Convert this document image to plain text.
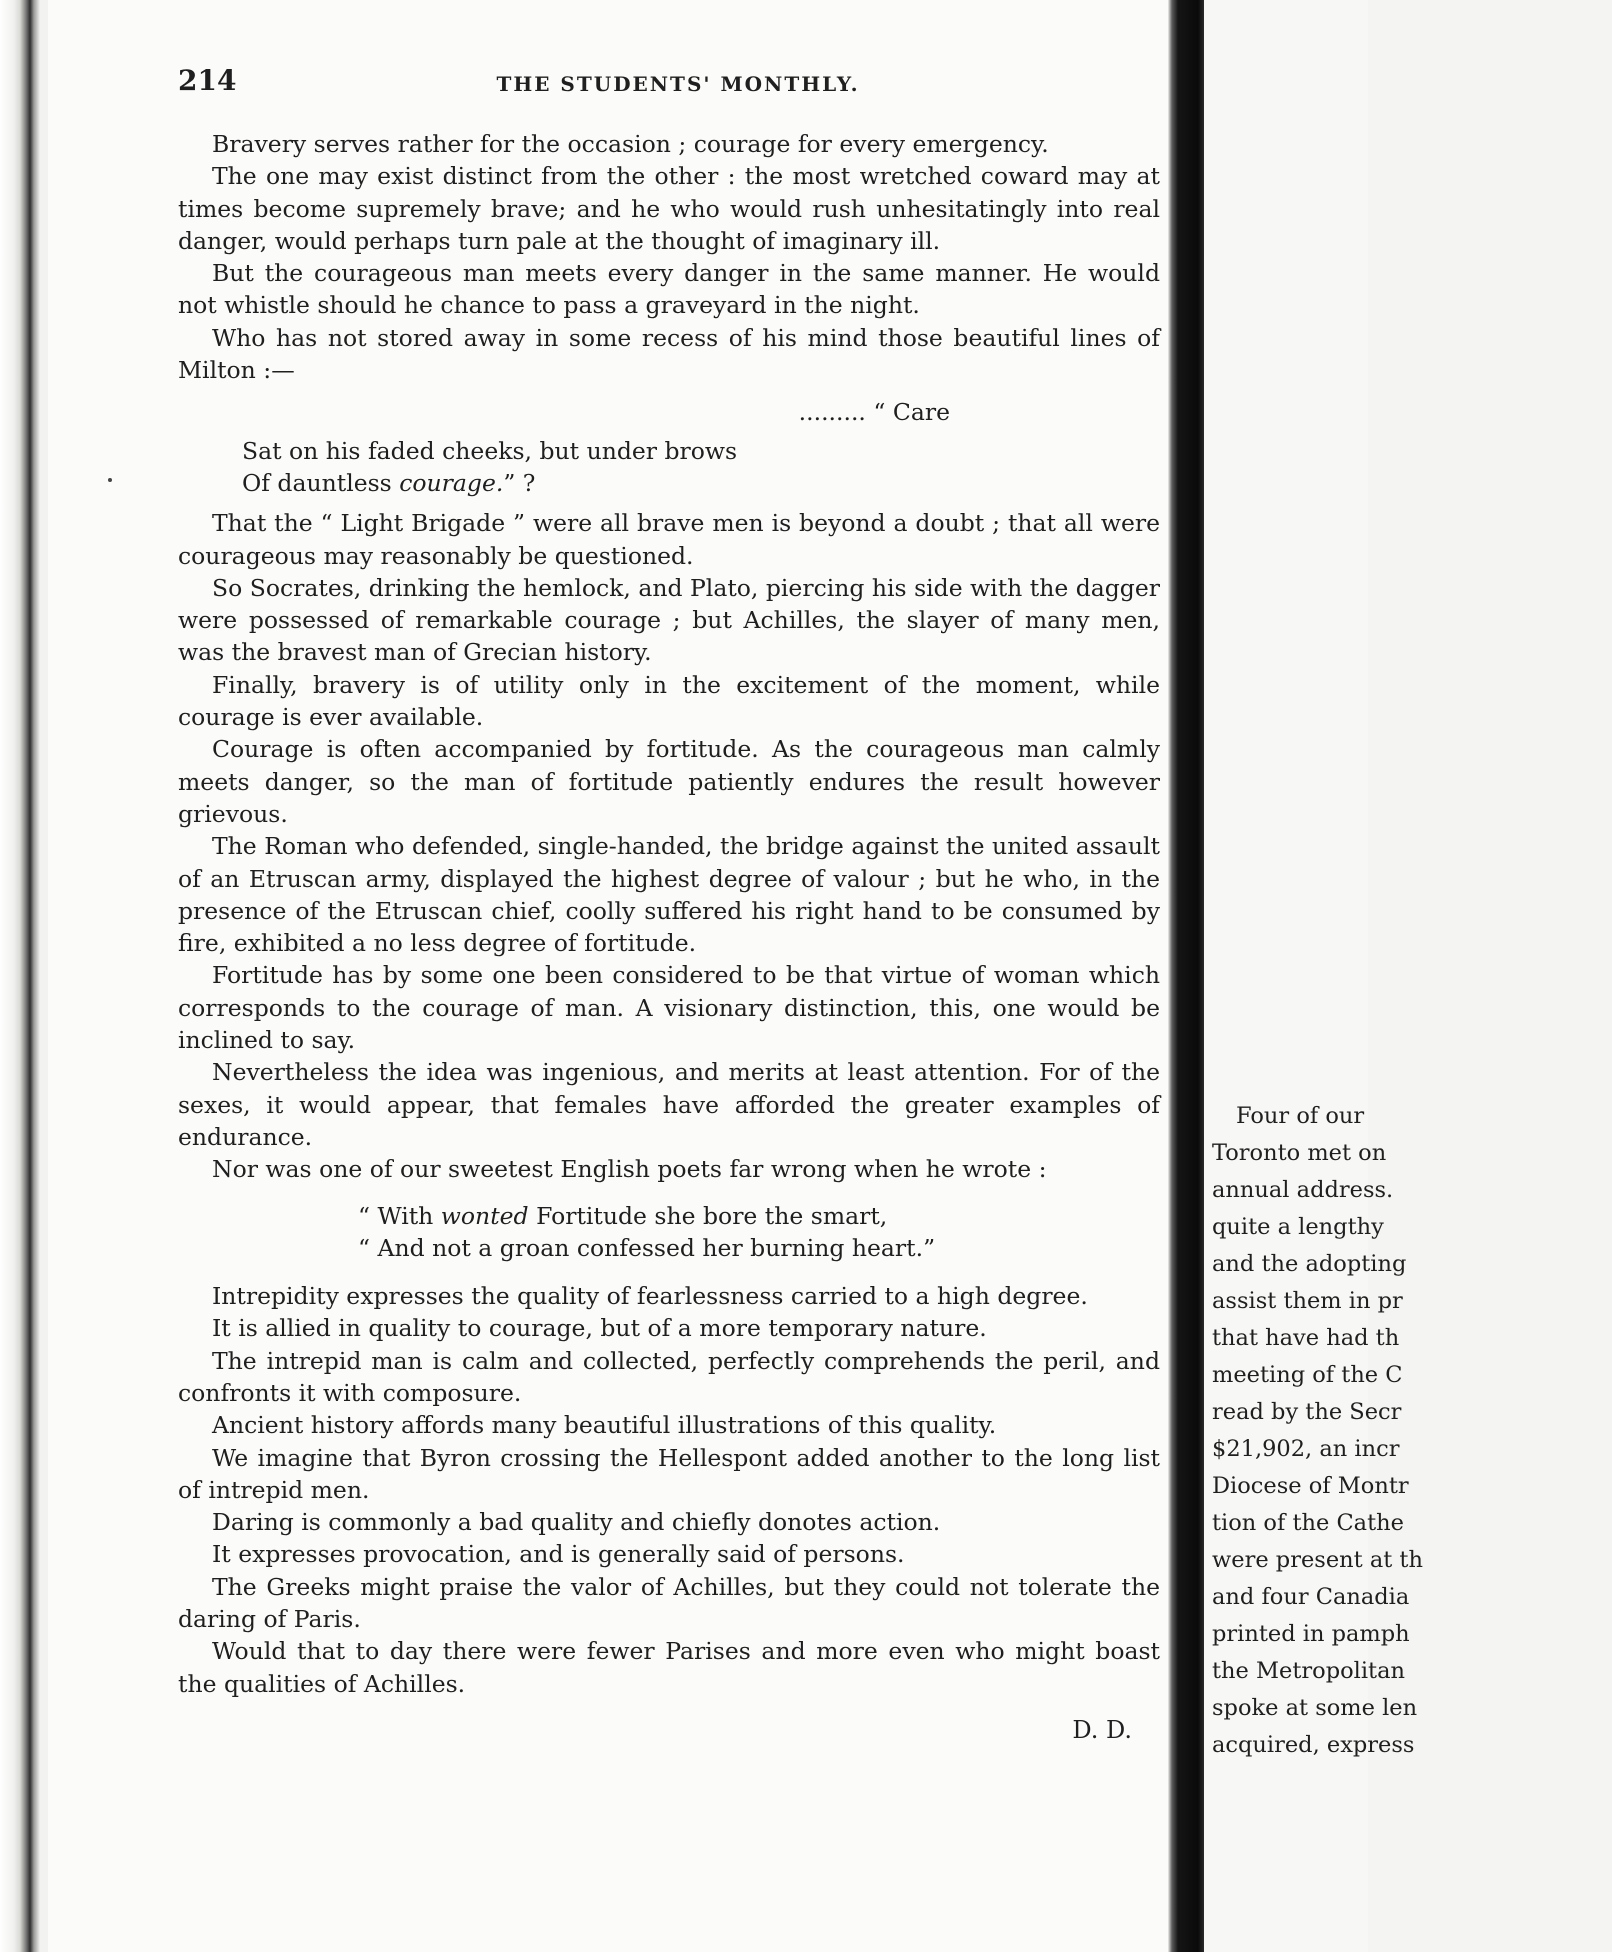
214	THE STUDENTS' MONTHLY.

Bravery serves rather for the occasion ; courage for every emergency.

The one may exist distinct from the other : the most wretched coward may at times become supremely brave; and he who would rush unhesitatingly into real danger, would perhaps turn pale at the thought of imaginary ill.

But the courageous man meets every danger in the same manner. He would not whistle should he chance to pass a graveyard in the night.

Who has not stored away in some recess of his mind those beautiful lines of Milton :—

......... “ Care

Sat on his faded cheeks, but under brows

Of dauntless courage.” ?

That the “ Light Brigade ” were all brave men is beyond a doubt ; that all were courageous may reasonably be questioned.

So Socrates, drinking the hemlock, and Plato, piercing his side with the dagger were possessed of remarkable courage ; but Achilles, the slayer of many men, was the bravest man of Grecian history.

Finally, bravery is of utility only in the excitement of the moment, while courage is ever available.

Courage is often accompanied by fortitude. As the courageous man calmly meets danger, so the man of fortitude patiently endures the result however grievous.

The Roman who defended, single-handed, the bridge against the united assault of an Etruscan army, displayed the highest degree of valour ; but he who, in the presence of the Etruscan chief, coolly suffered his right hand to be consumed by fire, exhibited a no less degree of fortitude.

Fortitude has by some one been considered to be that virtue of woman which corresponds to the courage of man. A visionary distinction, this, one would be inclined to say.

Nevertheless the idea was ingenious, and merits at least attention. For of the sexes, it would appear, that females have afforded the greater examples of endurance.

Nor was one of our sweetest English poets far wrong when he wrote :

“ With wonted Fortitude she bore the smart,

“ And not a groan confessed her burning heart.”

Intrepidity expresses the quality of fearlessness carried to a high degree.

It is allied in quality to courage, but of a more temporary nature.

The intrepid man is calm and collected, perfectly comprehends the peril, and confronts it with composure.

Ancient history affords many beautiful illustrations of this quality.

We imagine that Byron crossing the Hellespont added another to the long list of intrepid men.

Daring is commonly a bad quality and chiefly donotes action.

It expresses provocation, and is generally said of persons.

The Greeks might praise the valor of Achilles, but they could not tolerate the daring of Paris.

Would that to day there were fewer Parises and more even who might boast the qualities of Achilles.

D. D.

Four of our

Toronto met on

annual address.

quite a lengthy

and the adopting

assist them in pr

that have had th

meeting of the C

read by the Secr

$21,902, an incr

Diocese of Montr

tion of the Cathe

were present at th

and four Canadia

printed in pamph

the Metropolitan

spoke at some len

acquired, express
